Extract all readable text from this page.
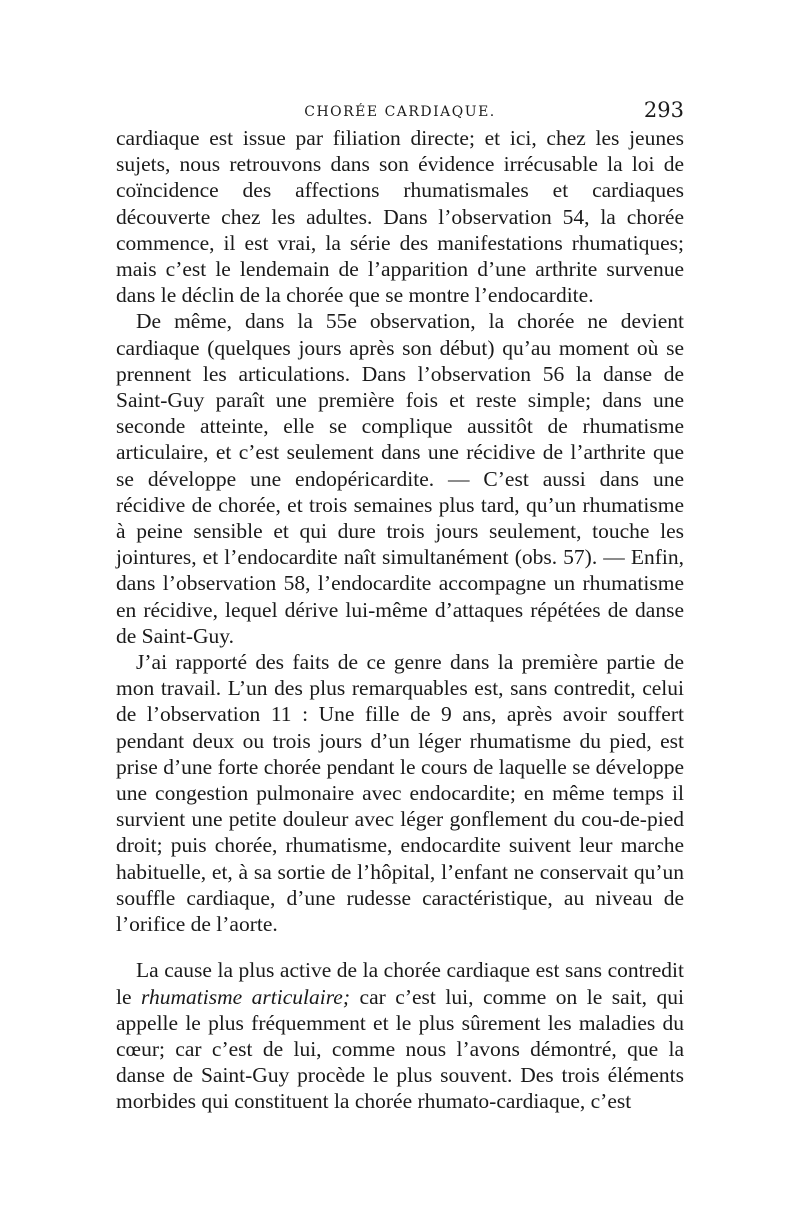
CHORÉE CARDIAQUE.	293

cardiaque est issue par filiation directe; et ici, chez les jeunes sujets, nous retrouvons dans son évidence irrécusable la loi de coïncidence des affections rhumatismales et cardiaques découverte chez les adultes. Dans l’observation 54, la chorée commence, il est vrai, la série des manifestations rhumatiques; mais c’est le lendemain de l’apparition d’une arthrite survenue dans le déclin de la chorée que se montre l’endocardite.

De même, dans la 55e observation, la chorée ne devient cardiaque (quelques jours après son début) qu’au moment où se prennent les articulations. Dans l’observation 56 la danse de Saint-Guy paraît une première fois et reste simple; dans une seconde atteinte, elle se complique aussitôt de rhumatisme articulaire, et c’est seulement dans une récidive de l’arthrite que se développe une endopéricardite. — C’est aussi dans une récidive de chorée, et trois semaines plus tard, qu’un rhumatisme à peine sensible et qui dure trois jours seulement, touche les jointures, et l’endocardite naît simultanément (obs. 57). — Enfin, dans l’observation 58, l’endocardite accompagne un rhumatisme en récidive, lequel dérive lui-même d’attaques répétées de danse de Saint-Guy.

J’ai rapporté des faits de ce genre dans la première partie de mon travail. L’un des plus remarquables est, sans contredit, celui de l’observation 11 : Une fille de 9 ans, après avoir souffert pendant deux ou trois jours d’un léger rhumatisme du pied, est prise d’une forte chorée pendant le cours de laquelle se développe une congestion pulmonaire avec endocardite; en même temps il survient une petite douleur avec léger gonflement du cou-de-pied droit; puis chorée, rhumatisme, endocardite suivent leur marche habituelle, et, à sa sortie de l’hôpital, l’enfant ne conservait qu’un souffle cardiaque, d’une rudesse caractéristique, au niveau de l’orifice de l’aorte.

La cause la plus active de la chorée cardiaque est sans contredit le rhumatisme articulaire; car c’est lui, comme on le sait, qui appelle le plus fréquemment et le plus sûrement les maladies du cœur; car c’est de lui, comme nous l’avons démontré, que la danse de Saint-Guy procède le plus souvent. Des trois éléments morbides qui constituent la chorée rhumato-cardiaque, c’est
